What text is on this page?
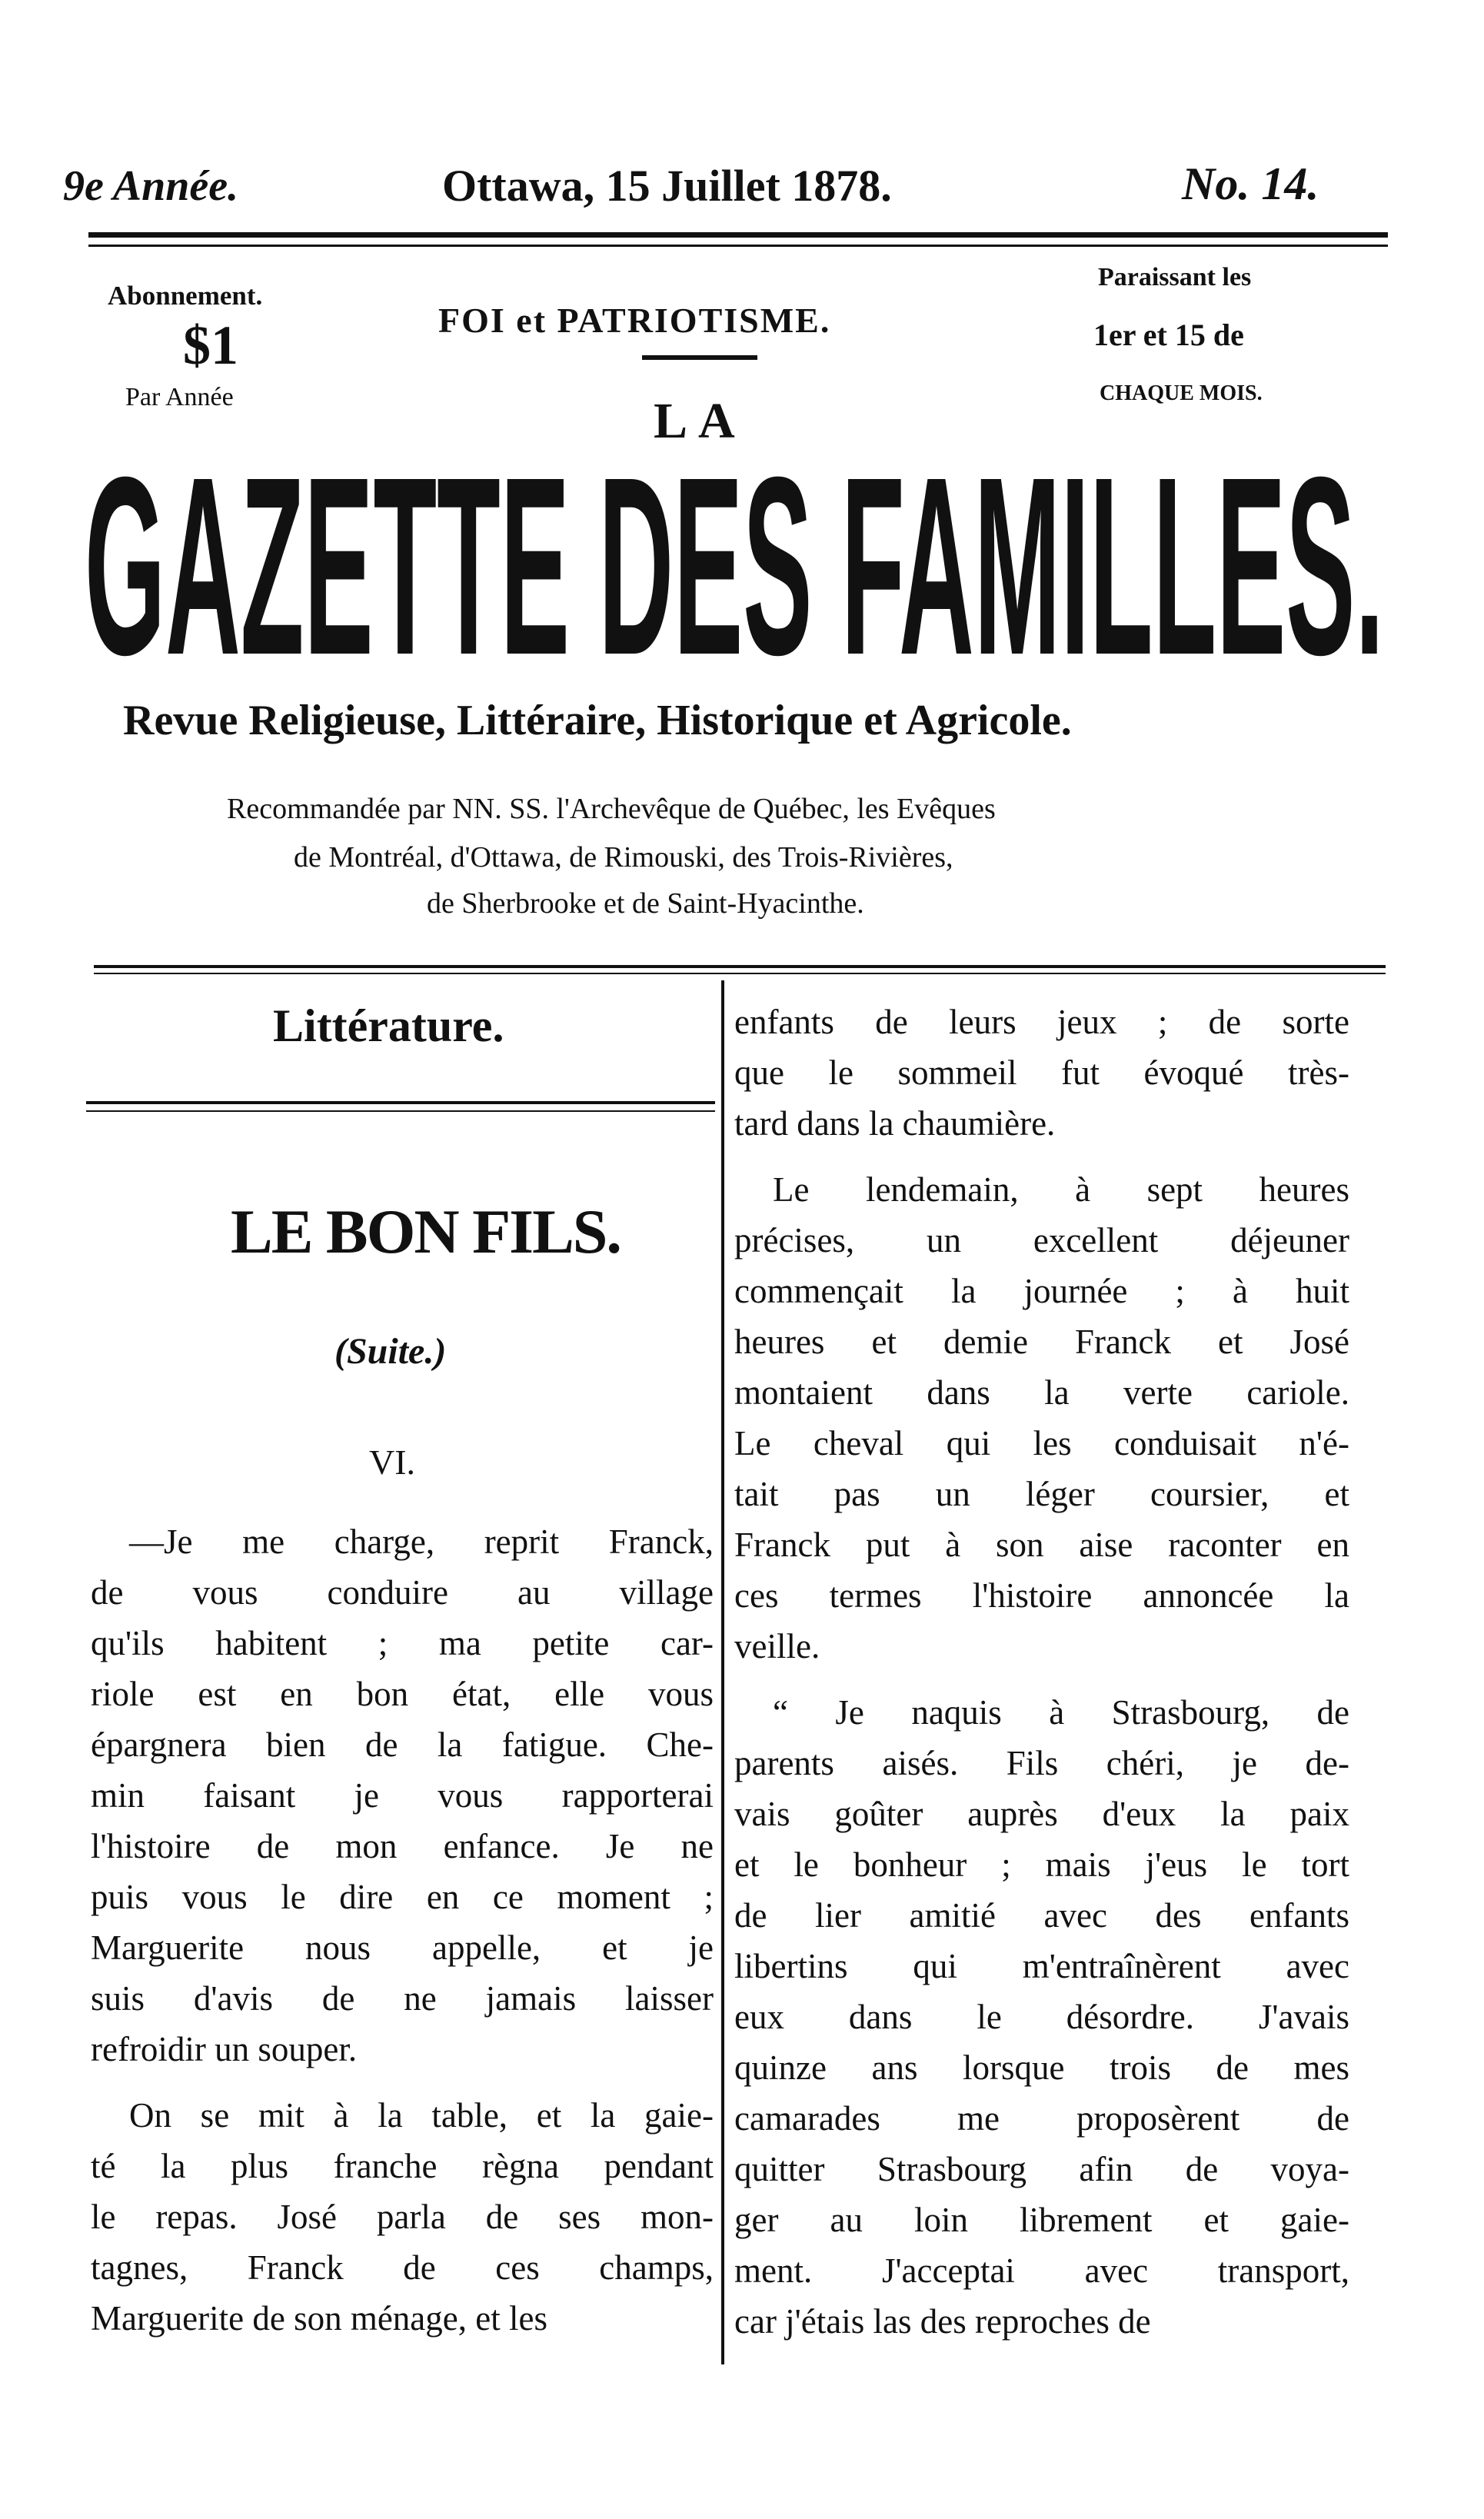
9e Année.	Ottawa, 15 Juillet 1878.	No. 14.
Abonnement.
$1
Par Année
FOI et PATRIOTISME.
LA
Paraissant les
1er et 15 de
CHAQUE MOIS.
GAZETTE DES FAMILLES.
Revue Religieuse, Littéraire, Historique et Agricole.
Recommandée par NN. SS. l'Archevêque de Québec, les Evêques
de Montréal, d'Ottawa, de Rimouski, des Trois-Rivières,
de Sherbrooke et de Saint-Hyacinthe.
Littérature.
LE BON FILS.
(Suite.)
VI.

—Je me charge, reprit Franck,
de vous conduire au village
qu'ils habitent ; ma petite car-
riole est en bon état, elle vous
épargnera bien de la fatigue. Che-
min faisant je vous rapporterai
l'histoire de mon enfance. Je ne
puis vous le dire en ce moment ;
Marguerite nous appelle, et je
suis d'avis de ne jamais laisser
refroidir un souper.

On se mit à la table, et la gaie-
té la plus franche règna pendant
le repas. José parla de ses mon-
tagnes, Franck de ces champs,
Marguerite de son ménage, et les

enfants de leurs jeux ; de sorte
que le sommeil fut évoqué très-
tard dans la chaumière.

Le lendemain, à sept heures
précises, un excellent déjeuner
commençait la journée ; à huit
heures et demie Franck et José
montaient dans la verte cariole.
Le cheval qui les conduisait n'é-
tait pas un léger coursier, et
Franck put à son aise raconter en
ces termes l'histoire annoncée la
veille.

“ Je naquis à Strasbourg, de
parents aisés. Fils chéri, je de-
vais goûter auprès d'eux la paix
et le bonheur ; mais j'eus le tort
de lier amitié avec des enfants
libertins qui m'entraînèrent avec
eux dans le désordre. J'avais
quinze ans lorsque trois de mes
camarades me proposèrent de
quitter Strasbourg afin de voya-
ger au loin librement et gaie-
ment. J'acceptai avec transport,
car j'étais las des reproches de
